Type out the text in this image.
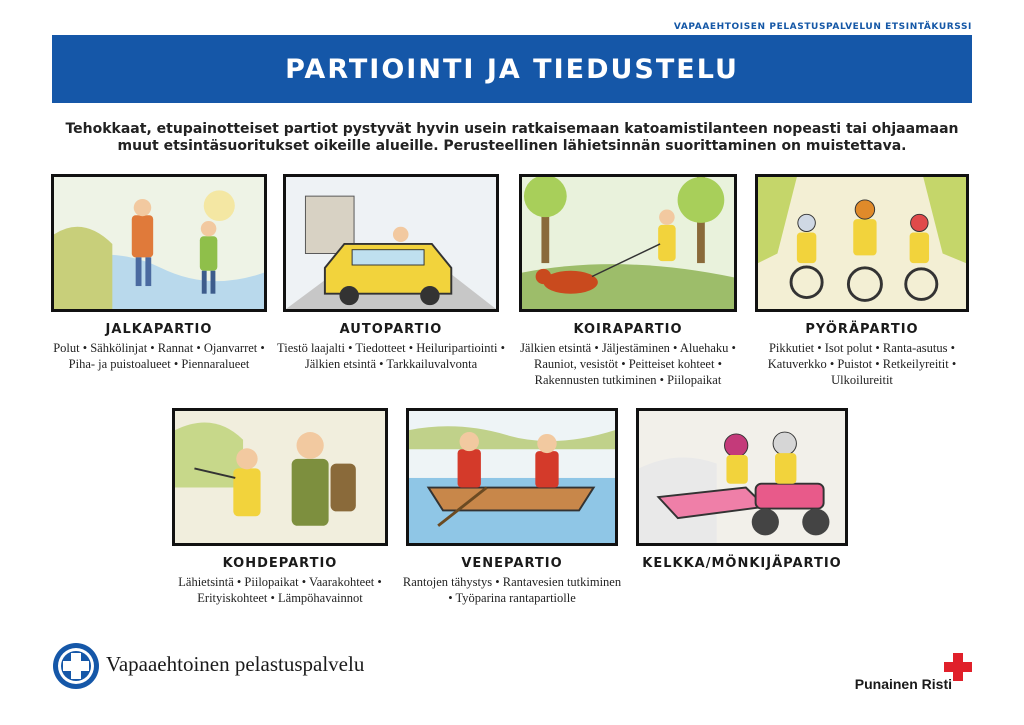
VAPAAEHTOISEN PELASTUSPALVELUN ETSINTÄKURSSI
PARTIOINTI JA TIEDUSTELU
Tehokkaat, etupainotteiset partiot pystyvät hyvin usein ratkaisemaan katoamistilanteen nopeasti tai ohjaamaan muut etsintäsuoritukset oikeille alueille. Perusteellinen lähietsinnän suorittaminen on muistettava.
JALKAPARTIO
Polut • Sähkölinjat • Rannat • Ojanvarret • Piha- ja puistoalueet • Piennaralueet
AUTOPARTIO
Tiestö laajalti • Tiedotteet • Heiluripartiointi • Jälkien etsintä • Tarkkailuvalvonta
KOIRAPARTIO
Jälkien etsintä • Jäljestäminen • Aluehaku • Rauniot, vesistöt • Peitteiset kohteet • Rakennusten tutkiminen • Piilopaikat
PYÖRÄPARTIO
Pikkutiet • Isot polut • Ranta-asutus • Katuverkko • Puistot • Retkeilyreitit • Ulkoilureitit
KOHDEPARTIO
Lähietsintä • Piilopaikat • Vaarakohteet • Erityiskohteet • Lämpöhavainnot
VENEPARTIO
Rantojen tähystys • Rantavesien tutkiminen • Työparina rantapartiolle
KELKKA/MÖNKIJÄPARTIO
Vapaaehtoinen pelastuspalvelu
Punainen Risti
